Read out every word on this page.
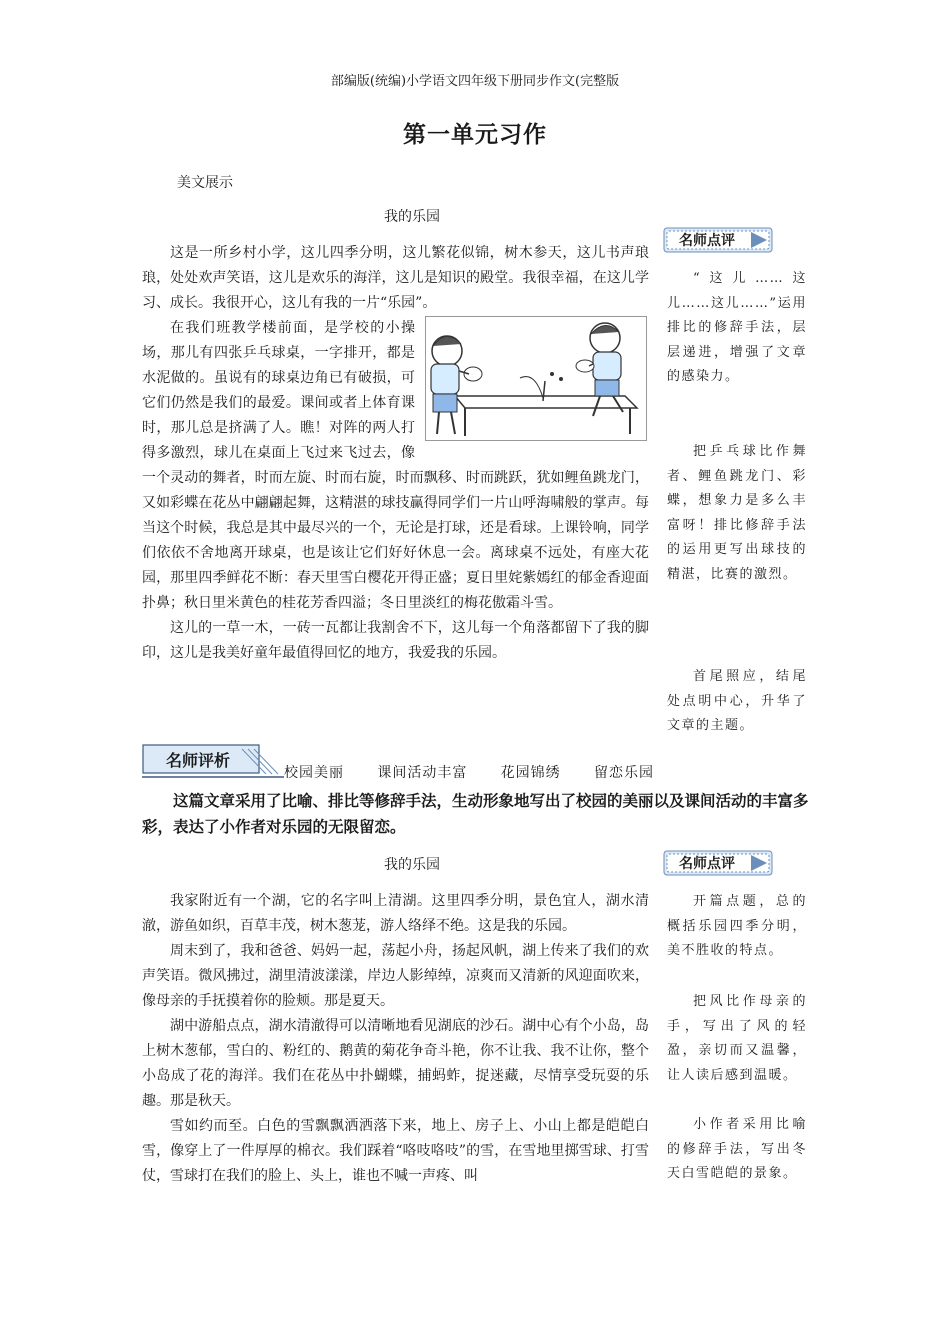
部编版(统编)小学语文四年级下册同步作文(完整版
第一单元习作
美文展示
我的乐园

这是一所乡村小学，这儿四季分明，这儿繁花似锦，树木参天，这儿书声琅琅，处处欢声笑语，这儿是欢乐的海洋，这儿是知识的殿堂。我很幸福，在这儿学习、成长。我很开心，这儿有我的一片“乐园”。

在我们班教学楼前面，是学校的小操场，那儿有四张乒乓球桌，一字排开，都是水泥做的。虽说有的球桌边角已有破损，可它们仍然是我们的最爱。课间或者上体育课时，那儿总是挤满了人。瞧！对阵的两人打得多激烈，球儿在桌面上飞过来飞过去，像一个灵动的舞者，时而左旋、时而右旋，时而飘移、时而跳跃，犹如鲤鱼跳龙门，又如彩蝶在花丛中翩翩起舞，这精湛的球技赢得同学们一片山呼海啸般的掌声。每当这个时候，我总是其中最尽兴的一个，无论是打球，还是看球。上课铃响，同学们依依不舍地离开球桌，也是该让它们好好休息一会。离球桌不远处，有座大花园，那里四季鲜花不断：春天里雪白樱花开得正盛；夏日里姹紫嫣红的郁金香迎面扑鼻；秋日里米黄色的桂花芳香四溢；冬日里淡红的梅花傲霜斗雪。

这儿的一草一木，一砖一瓦都让我割舍不下，这儿每一个角落都留下了我的脚印，这儿是我美好童年最值得回忆的地方，我爱我的乐园。

名师点评

“这儿……这儿……这儿……”运用排比的修辞手法，层层递进，增强了文章的感染力。

把乒乓球比作舞者、鲤鱼跳龙门、彩蝶，想象力是多么丰富呀！排比修辞手法的运用更写出球技的精湛，比赛的激烈。

首尾照应，结尾处点明中心，升华了文章的主题。

名师评析
校园美丽 课间活动丰富 花园锦绣 留恋乐园

这篇文章采用了比喻、排比等修辞手法，生动形象地写出了校园的美丽以及课间活动的丰富多彩，表达了小作者对乐园的无限留恋。

我的乐园

我家附近有一个湖，它的名字叫上清湖。这里四季分明，景色宜人，湖水清澈，游鱼如织，百草丰茂，树木葱茏，游人络绎不绝。这是我的乐园。

周末到了，我和爸爸、妈妈一起，荡起小舟，扬起风帆，湖上传来了我们的欢声笑语。微风拂过，湖里清波漾漾，岸边人影绰绰，凉爽而又清新的风迎面吹来，像母亲的手抚摸着你的脸颊。那是夏天。

湖中游船点点，湖水清澈得可以清晰地看见湖底的沙石。湖中心有个小岛，岛上树木葱郁，雪白的、粉红的、鹅黄的菊花争奇斗艳，你不让我、我不让你，整个小岛成了花的海洋。我们在花丛中扑蝴蝶，捕蚂蚱，捉迷藏，尽情享受玩耍的乐趣。那是秋天。

雪如约而至。白色的雪飘飘洒洒落下来，地上、房子上、小山上都是皑皑白雪，像穿上了一件厚厚的棉衣。我们踩着“咯吱咯吱”的雪，在雪地里掷雪球、打雪仗，雪球打在我们的脸上、头上，谁也不喊一声疼、叫

名师点评

开篇点题，总的概括乐园四季分明，美不胜收的特点。

把风比作母亲的手，写出了风的轻盈，亲切而又温馨，让人读后感到温暖。

小作者采用比喻的修辞手法，写出冬天白雪皑皑的景象。
